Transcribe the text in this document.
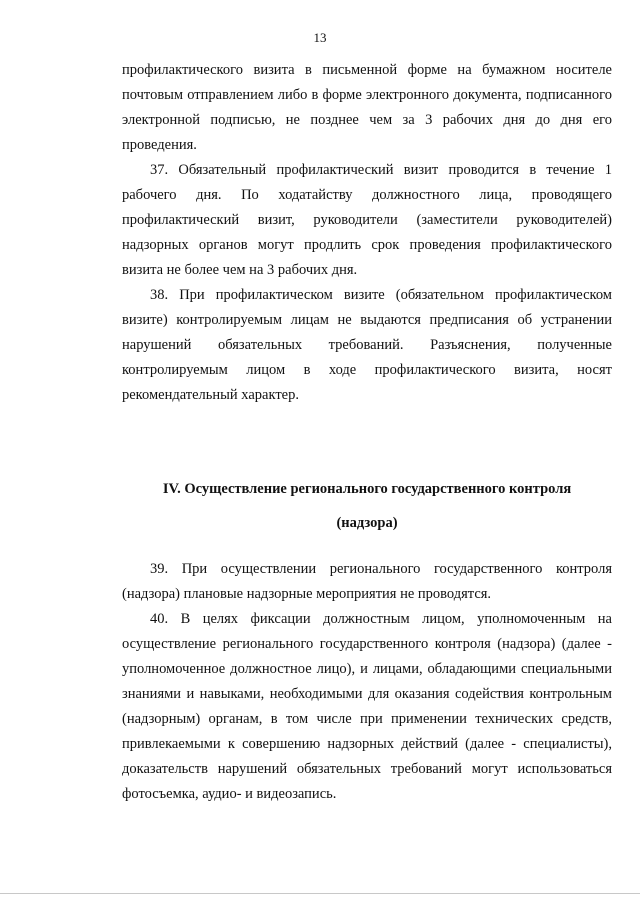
13

профилактического визита в письменной форме на бумажном носителе почтовым отправлением либо в форме электронного документа, подписанного электронной подписью, не позднее чем за 3 рабочих дня до дня его проведения.

37. Обязательный профилактический визит проводится в течение 1 рабочего дня. По ходатайству должностного лица, проводящего профилактический визит, руководители (заместители руководителей) надзорных органов могут продлить срок проведения профилактического визита не более чем на 3 рабочих дня.

38. При профилактическом визите (обязательном профилактическом визите) контролируемым лицам не выдаются предписания об устранении нарушений обязательных требований. Разъяснения, полученные контролируемым лицом в ходе профилактического визита, носят рекомендательный характер.

IV. Осуществление регионального государственного контроля
(надзора)

39. При осуществлении регионального государственного контроля (надзора) плановые надзорные мероприятия не проводятся.

40. В целях фиксации должностным лицом, уполномоченным на осуществление регионального государственного контроля (надзора) (далее - уполномоченное должностное лицо), и лицами, обладающими специальными знаниями и навыками, необходимыми для оказания содействия контрольным (надзорным) органам, в том числе при применении технических средств, привлекаемыми к совершению надзорных действий (далее - специалисты), доказательств нарушений обязательных требований могут использоваться фотосъемка, аудио- и видеозапись.
